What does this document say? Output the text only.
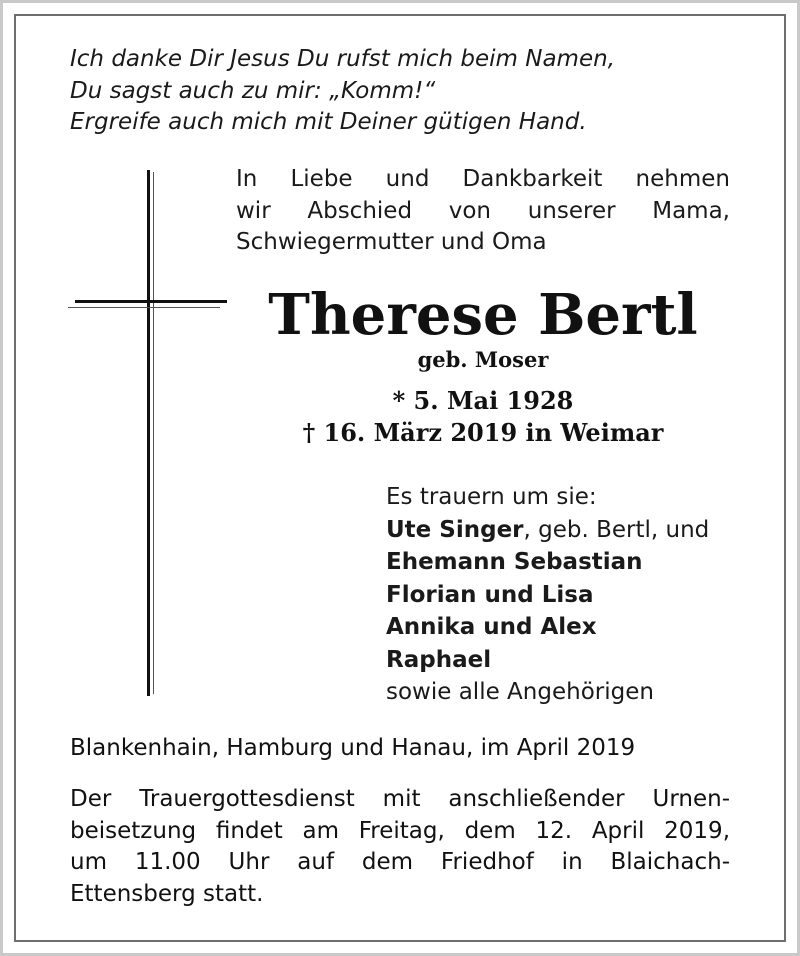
Ich danke Dir Jesus Du rufst mich beim Namen,
Du sagst auch zu mir: „Komm!“
Ergreife auch mich mit Deiner gütigen Hand.
In Liebe und Dankbarkeit nehmen
wir Abschied von unserer Mama,
Schwiegermutter und Oma
Therese Bertl
geb. Moser
* 5. Mai 1928
† 16. März 2019 in Weimar
Es trauern um sie:
Ute Singer, geb. Bertl, und
Ehemann Sebastian
Florian und Lisa
Annika und Alex
Raphael
sowie alle Angehörigen
Blankenhain, Hamburg und Hanau, im April 2019
Der Trauergottesdienst mit anschließender Urnen-
beisetzung findet am Freitag, dem 12. April 2019,
um 11.00 Uhr auf dem Friedhof in Blaichach-
Ettensberg statt.
